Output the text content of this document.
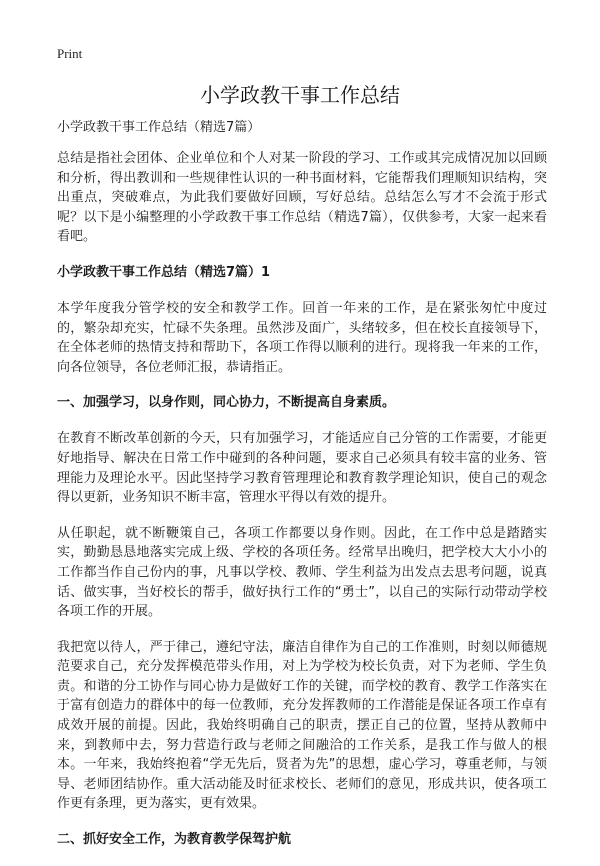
Print
小学政教干事工作总结
小学政教干事工作总结（精选7篇）

总结是指社会团体、企业单位和个人对某一阶段的学习、工作或其完成情况加以回顾和分析，得出教训和一些规律性认识的一种书面材料，它能帮我们理顺知识结构，突出重点，突破难点，为此我们要做好回顾，写好总结。总结怎么写才不会流于形式呢？以下是小编整理的小学政教干事工作总结（精选7篇），仅供参考，大家一起来看看吧。

小学政教干事工作总结（精选7篇）1

本学年度我分管学校的安全和教学工作。回首一年来的工作，是在紧张匆忙中度过的，繁杂却充实，忙碌不失条理。虽然涉及面广，头绪较多，但在校长直接领导下，在全体老师的热情支持和帮助下，各项工作得以顺利的进行。现将我一年来的工作，向各位领导，各位老师汇报，恭请指正。

一、加强学习，以身作则，同心协力，不断提高自身素质。

在教育不断改革创新的今天，只有加强学习，才能适应自己分管的工作需要，才能更好地指导、解决在日常工作中碰到的各种问题，要求自己必须具有较丰富的业务、管理能力及理论水平。因此坚持学习教育管理理论和教育教学理论知识，使自己的观念得以更新，业务知识不断丰富，管理水平得以有效的提升。

从任职起，就不断鞭策自己，各项工作都要以身作则。因此，在工作中总是踏踏实实，勤勤恳恳地落实完成上级、学校的各项任务。经常早出晚归，把学校大大小小的工作都当作自己份内的事，凡事以学校、教师、学生利益为出发点去思考问题，说真话、做实事，当好校长的帮手，做好执行工作的“勇士”，以自己的实际行动带动学校各项工作的开展。

我把宽以待人，严于律己，遵纪守法，廉洁自律作为自己的工作准则，时刻以师德规范要求自己，充分发挥模范带头作用，对上为学校为校长负责，对下为老师、学生负责。和谐的分工协作与同心协力是做好工作的关键，而学校的教育、教学工作落实在于富有创造力的群体中的每一位教师，充分发挥教师的工作潜能是保证各项工作卓有成效开展的前提。因此，我始终明确自己的职责，摆正自己的位置，坚持从教师中来，到教师中去，努力营造行政与老师之间融洽的工作关系，是我工作与做人的根本。一年来，我始终抱着“学无先后，贤者为先”的思想，虚心学习，尊重老师，与领导、老师团结协作。重大活动能及时征求校长、老师们的意见，形成共识，使各项工作更有条理，更为落实，更有效果。

二、抓好安全工作，为教育教学保驾护航
